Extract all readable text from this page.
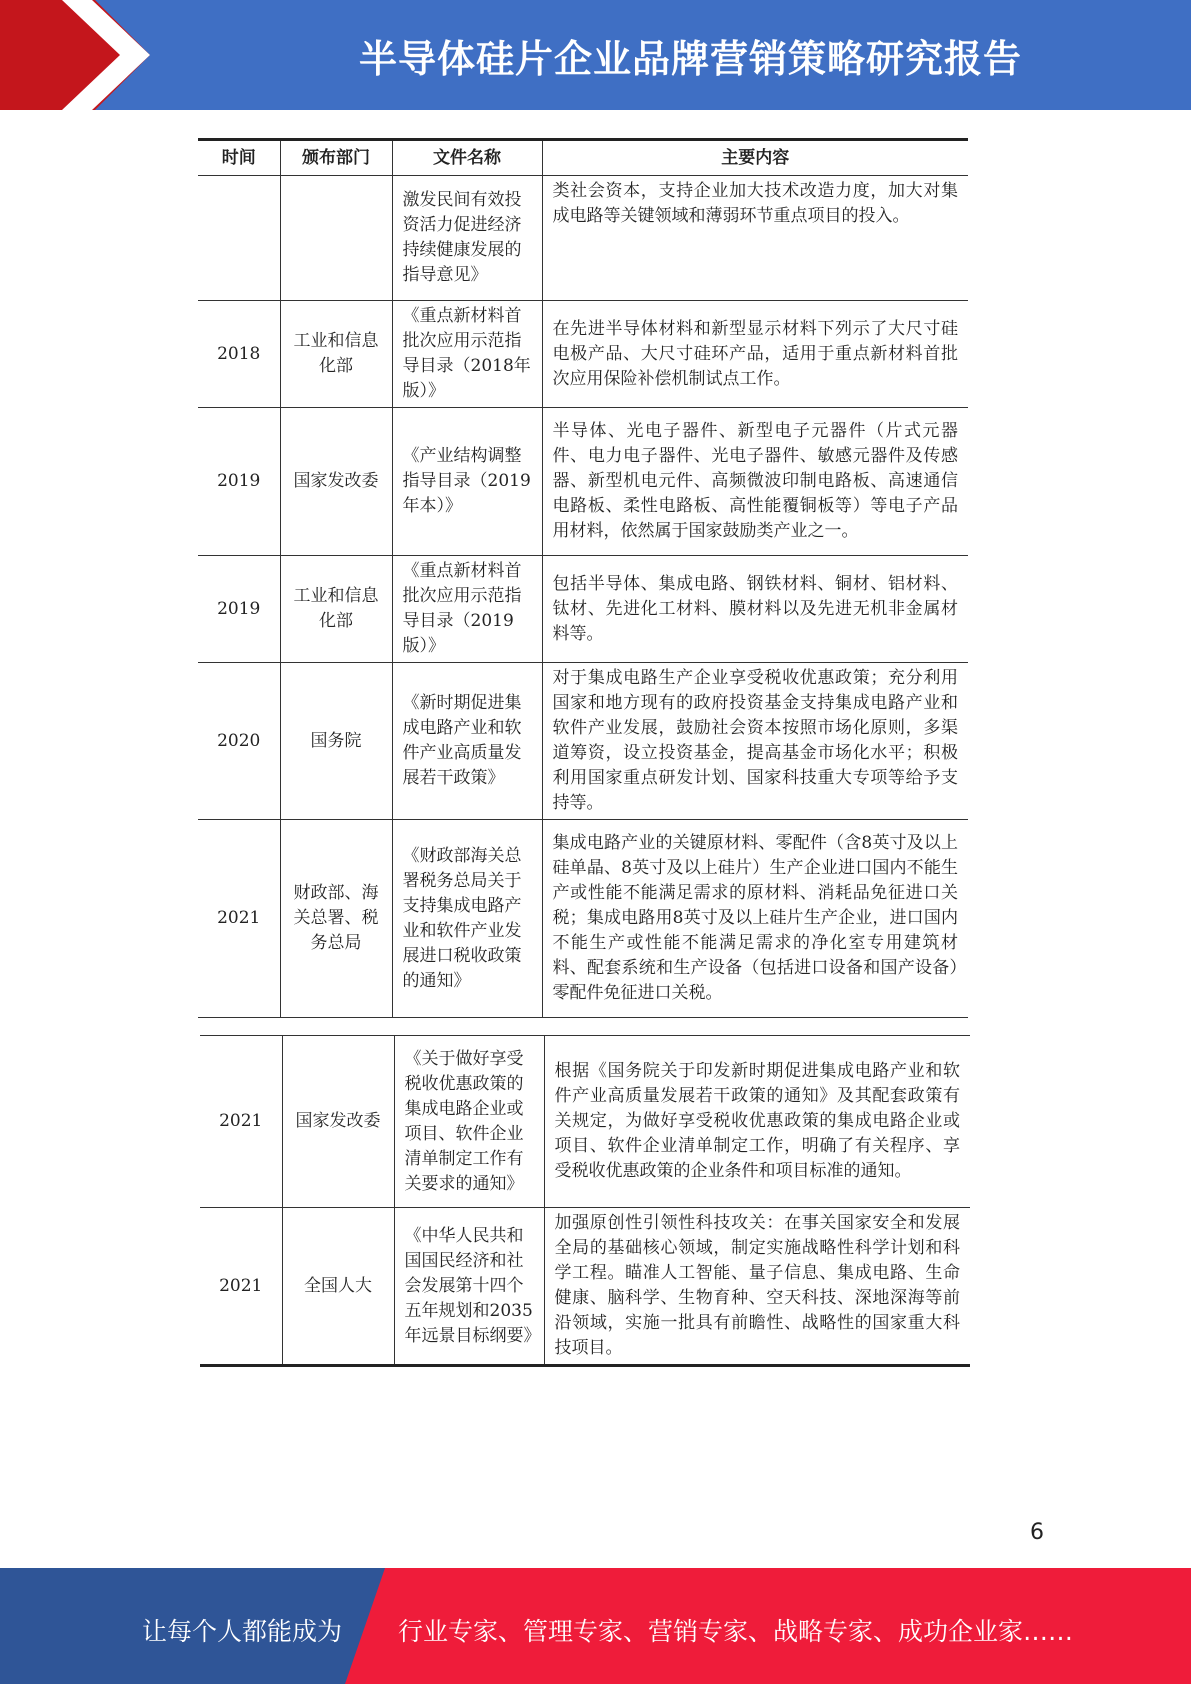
半导体硅片企业品牌营销策略研究报告
时间	颁布部门	文件名称	主要内容
		激发民间有效投资活力促进经济持续健康发展的指导意见》	类社会资本，支持企业加大技术改造力度，加大对集成电路等关键领域和薄弱环节重点项目的投入。
2018	工业和信息化部	《重点新材料首批次应用示范指导目录（2018年版）》	在先进半导体材料和新型显示材料下列示了大尺寸硅电极产品、大尺寸硅环产品，适用于重点新材料首批次应用保险补偿机制试点工作。
2019	国家发改委	《产业结构调整指导目录（2019年本）》	半导体、光电子器件、新型电子元器件（片式元器件、电力电子器件、光电子器件、敏感元器件及传感器、新型机电元件、高频微波印制电路板、高速通信电路板、柔性电路板、高性能覆铜板等）等电子产品用材料，依然属于国家鼓励类产业之一。
2019	工业和信息化部	《重点新材料首批次应用示范指导目录（2019版）》	包括半导体、集成电路、钢铁材料、铜材、铝材料、钛材、先进化工材料、膜材料以及先进无机非金属材料等。
2020	国务院	《新时期促进集成电路产业和软件产业高质量发展若干政策》	对于集成电路生产企业享受税收优惠政策；充分利用国家和地方现有的政府投资基金支持集成电路产业和软件产业发展，鼓励社会资本按照市场化原则，多渠道筹资，设立投资基金，提高基金市场化水平；积极利用国家重点研发计划、国家科技重大专项等给予支持等。
2021	财政部、海关总署、税务总局	《财政部海关总署税务总局关于支持集成电路产业和软件产业发展进口税收政策的通知》	集成电路产业的关键原材料、零配件（含8英寸及以上硅单晶、8英寸及以上硅片）生产企业进口国内不能生产或性能不能满足需求的原材料、消耗品免征进口关税；集成电路用8英寸及以上硅片生产企业，进口国内不能生产或性能不能满足需求的净化室专用建筑材料、配套系统和生产设备（包括进口设备和国产设备）零配件免征进口关税。
2021	国家发改委	《关于做好享受税收优惠政策的集成电路企业或项目、软件企业清单制定工作有关要求的通知》	根据《国务院关于印发新时期促进集成电路产业和软件产业高质量发展若干政策的通知》及其配套政策有关规定，为做好享受税收优惠政策的集成电路企业或项目、软件企业清单制定工作，明确了有关程序、享受税收优惠政策的企业条件和项目标准的通知。
2021	全国人大	《中华人民共和国国民经济和社会发展第十四个五年规划和2035年远景目标纲要》	加强原创性引领性科技攻关：在事关国家安全和发展全局的基础核心领域，制定实施战略性科学计划和科学工程。瞄准人工智能、量子信息、集成电路、生命健康、脑科学、生物育种、空天科技、深地深海等前沿领域，实施一批具有前瞻性、战略性的国家重大科技项目。
6
让每个人都能成为 行业专家、管理专家、营销专家、战略专家、成功企业家……
